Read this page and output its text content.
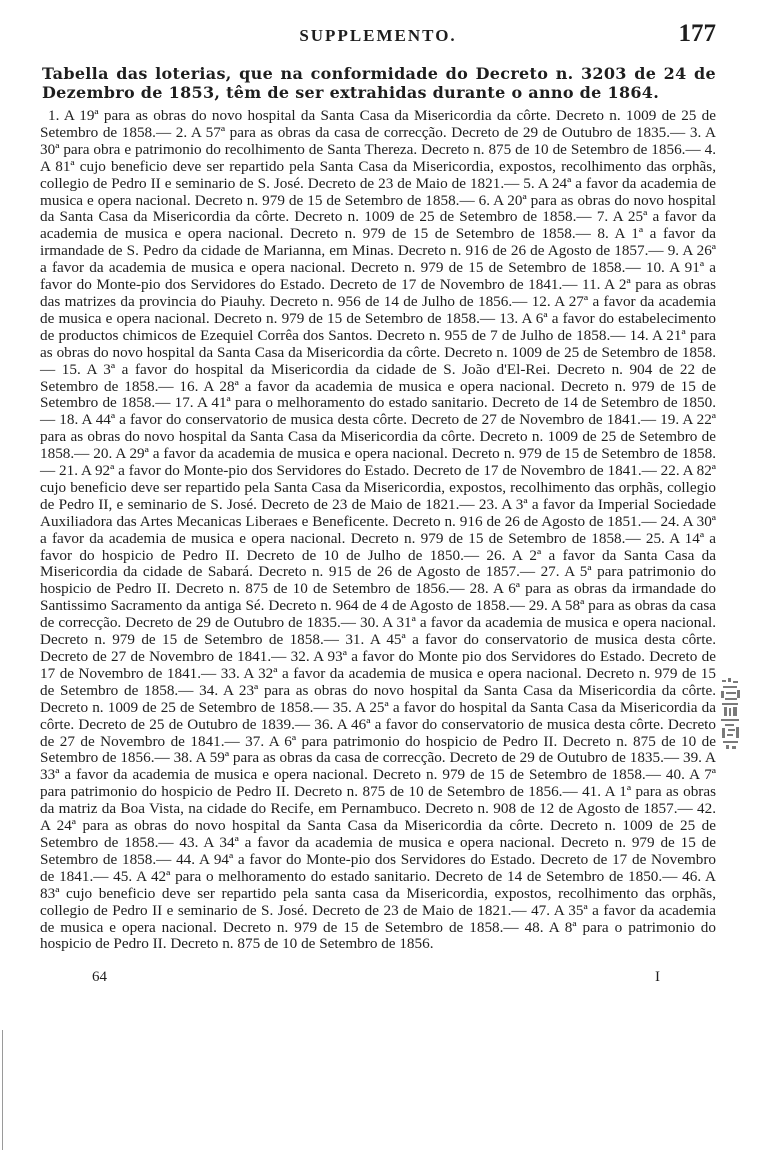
SUPPLEMENTO.	177
Tabella das loterias, que na conformidade do Decreto n. 3203 de 24 de Dezembro de 1853, têm de ser extrahidas durante o anno de 1864.

1. A 19ª para as obras do novo hospital da Santa Casa da Misericordia da côrte. Decreto n. 1009 de 25 de Setembro de 1858.— 2. A 57ª para as obras da casa de correcção. Decreto de 29 de Outubro de 1835.— 3. A 30ª para obra e patrimonio do recolhimento de Santa Thereza. Decreto n. 875 de 10 de Setembro de 1856.— 4. A 81ª cujo beneficio deve ser repartido pela Santa Casa da Misericordia, expostos, recolhimento das orphãs, collegio de Pedro II e seminario de S. José. Decreto de 23 de Maio de 1821.— 5. A 24ª a favor da academia de musica e opera nacional. Decreto n. 979 de 15 de Setembro de 1858.— 6. A 20ª para as obras do novo hospital da Santa Casa da Misericordia da côrte. Decreto n. 1009 de 25 de Setembro de 1858.— 7. A 25ª a favor da academia de musica e opera nacional. Decreto n. 979 de 15 de Setembro de 1858.— 8. A 1ª a favor da irmandade de S. Pedro da cidade de Marianna, em Minas. Decreto n. 916 de 26 de Agosto de 1857.— 9. A 26ª a favor da academia de musica e opera nacional. Decreto n. 979 de 15 de Setembro de 1858.— 10. A 91ª a favor do Monte-pio dos Servidores do Estado. Decreto de 17 de Novembro de 1841.— 11. A 2ª para as obras das matrizes da provincia do Piauhy. Decreto n. 956 de 14 de Julho de 1856.— 12. A 27ª a favor da academia de musica e opera nacional. Decreto n. 979 de 15 de Setembro de 1858.— 13. A 6ª a favor do estabelecimento de productos chimicos de Ezequiel Corrêa dos Santos. Decreto n. 955 de 7 de Julho de 1858.— 14. A 21ª para as obras do novo hospital da Santa Casa da Misericordia da côrte. Decreto n. 1009 de 25 de Setembro de 1858.— 15. A 3ª a favor do hospital da Misericordia da cidade de S. João d'El-Rei. Decreto n. 904 de 22 de Setembro de 1858.— 16. A 28ª a favor da academia de musica e opera nacional. Decreto n. 979 de 15 de Setembro de 1858.— 17. A 41ª para o melhoramento do estado sanitario. Decreto de 14 de Setembro de 1850.— 18. A 44ª a favor do conservatorio de musica desta côrte. Decreto de 27 de Novembro de 1841.— 19. A 22ª para as obras do novo hospital da Santa Casa da Misericordia da côrte. Decreto n. 1009 de 25 de Setembro de 1858.— 20. A 29ª a favor da academia de musica e opera nacional. Decreto n. 979 de 15 de Setembro de 1858.— 21. A 92ª a favor do Monte-pio dos Servidores do Estado. Decreto de 17 de Novembro de 1841.— 22. A 82ª cujo beneficio deve ser repartido pela Santa Casa da Misericordia, expostos, recolhimento das orphãs, collegio de Pedro II, e seminario de S. José. Decreto de 23 de Maio de 1821.— 23. A 3ª a favor da Imperial Sociedade Auxiliadora das Artes Mecanicas Liberaes e Beneficente. Decreto n. 916 de 26 de Agosto de 1851.— 24. A 30ª a favor da academia de musica e opera nacional. Decreto n. 979 de 15 de Setembro de 1858.— 25. A 14ª a favor do hospicio de Pedro II. Decreto de 10 de Julho de 1850.— 26. A 2ª a favor da Santa Casa da Misericordia da cidade de Sabará. Decreto n. 915 de 26 de Agosto de 1857.— 27. A 5ª para patrimonio do hospicio de Pedro II. Decreto n. 875 de 10 de Setembro de 1856.— 28. A 6ª para as obras da irmandade do Santissimo Sacramento da antiga Sé. Decreto n. 964 de 4 de Agosto de 1858.— 29. A 58ª para as obras da casa de correcção. Decreto de 29 de Outubro de 1835.— 30. A 31ª a favor da academia de musica e opera nacional. Decreto n. 979 de 15 de Setembro de 1858.— 31. A 45ª a favor do conservatorio de musica desta côrte. Decreto de 27 de Novembro de 1841.— 32. A 93ª a favor do Monte pio dos Servidores do Estado. Decreto de 17 de Novembro de 1841.— 33. A 32ª a favor da academia de musica e opera nacional. Decreto n. 979 de 15 de Setembro de 1858.— 34. A 23ª para as obras do novo hospital da Santa Casa da Misericordia da côrte. Decreto n. 1009 de 25 de Setembro de 1858.— 35. A 25ª a favor do hospital da Santa Casa da Misericordia da côrte. Decreto de 25 de Outubro de 1839.— 36. A 46ª a favor do conservatorio de musica desta côrte. Decreto de 27 de Novembro de 1841.— 37. A 6ª para patrimonio do hospicio de Pedro II. Decreto n. 875 de 10 de Setembro de 1856.— 38. A 59ª para as obras da casa de correcção. Decreto de 29 de Outubro de 1835.— 39. A 33ª a favor da academia de musica e opera nacional. Decreto n. 979 de 15 de Setembro de 1858.— 40. A 7ª para patrimonio do hospicio de Pedro II. Decreto n. 875 de 10 de Setembro de 1856.— 41. A 1ª para as obras da matriz da Boa Vista, na cidade do Recife, em Pernambuco. Decreto n. 908 de 12 de Agosto de 1857.— 42. A 24ª para as obras do novo hospital da Santa Casa da Misericordia da côrte. Decreto n. 1009 de 25 de Setembro de 1858.— 43. A 34ª a favor da academia de musica e opera nacional. Decreto n. 979 de 15 de Setembro de 1858.— 44. A 94ª a favor do Monte-pio dos Servidores do Estado. Decreto de 17 de Novembro de 1841.— 45. A 42ª para o melhoramento do estado sanitario. Decreto de 14 de Setembro de 1850.— 46. A 83ª cujo beneficio deve ser repartido pela santa casa da Misericordia, expostos, recolhimento das orphãs, collegio de Pedro II e seminario de S. José. Decreto de 23 de Maio de 1821.— 47. A 35ª a favor da academia de musica e opera nacional. Decreto n. 979 de 15 de Setembro de 1858.— 48. A 8ª para o patrimonio do hospicio de Pedro II. Decreto n. 875 de 10 de Setembro de 1856.

64	I
